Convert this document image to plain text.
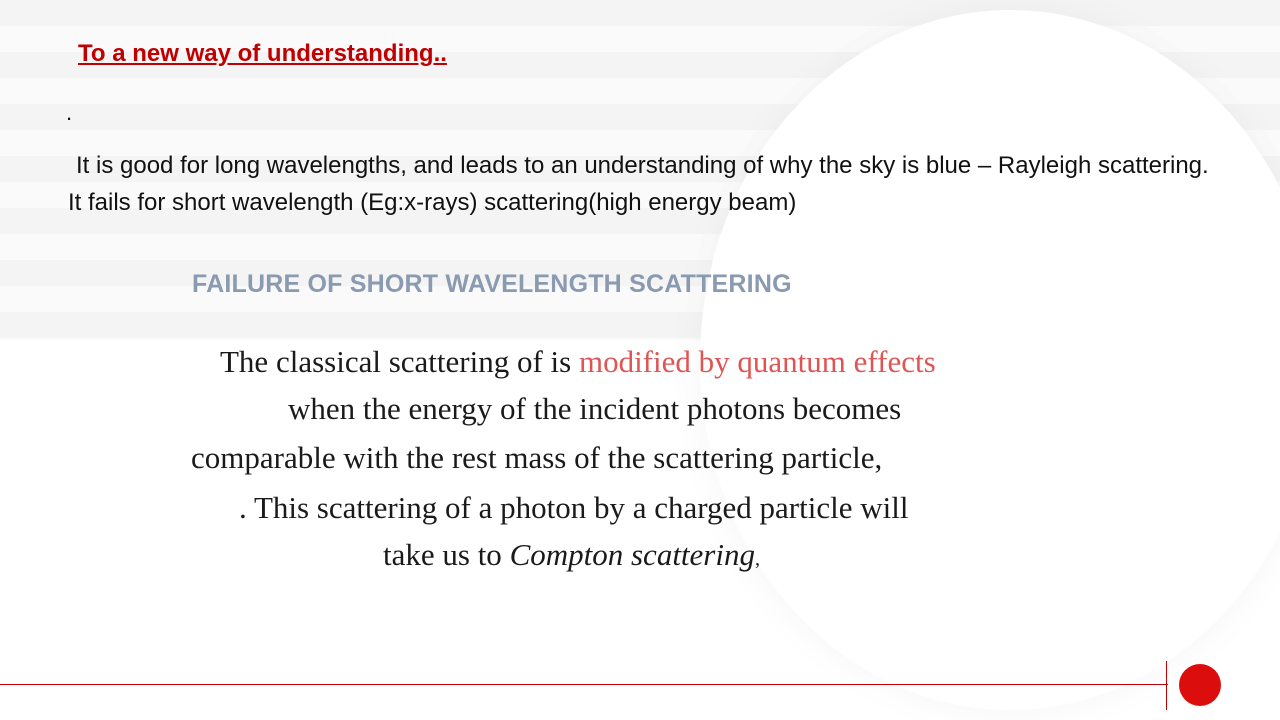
To a new way of understanding..
.

It is good for long wavelengths, and leads to an understanding of why the sky is blue – Rayleigh scattering. It fails for short wavelength (Eg:x-rays) scattering(high energy beam)

FAILURE OF SHORT WAVELENGTH SCATTERING
The classical scattering of is modified by quantum effects
when the energy of the incident photons becomes
comparable with the rest mass of the scattering particle,
. This scattering of a photon by a charged particle will
take us to Compton scattering,
